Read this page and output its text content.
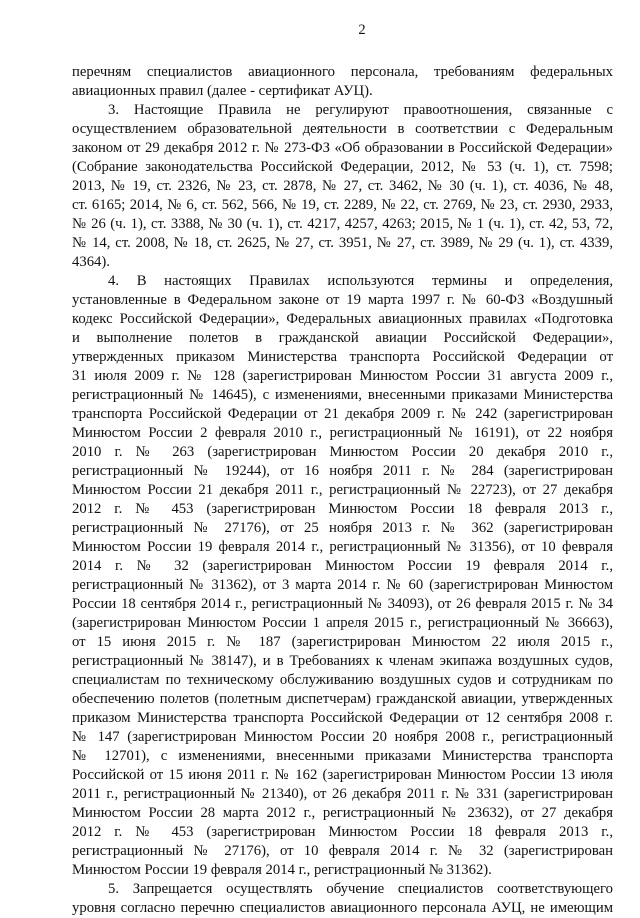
2
перечням специалистов авиационного персонала, требованиям федеральных
авиационных правил (далее - сертификат АУЦ).
3. Настоящие Правила не регулируют правоотношения, связанные с
осуществлением образовательной деятельности в соответствии с Федеральным
законом от 29 декабря 2012 г. № 273-ФЗ «Об образовании в Российской Федерации»
(Собрание законодательства Российской Федерации, 2012, № 53 (ч. 1), ст. 7598;
2013, № 19, ст. 2326, № 23, ст. 2878, № 27, ст. 3462, № 30 (ч. 1), ст. 4036, № 48,
ст. 6165; 2014, № 6, ст. 562, 566, № 19, ст. 2289, № 22, ст. 2769, № 23, ст. 2930, 2933,
№ 26 (ч. 1), ст. 3388, № 30 (ч. 1), ст. 4217, 4257, 4263; 2015, № 1 (ч. 1), ст. 42, 53, 72,
№ 14, ст. 2008, № 18, ст. 2625, № 27, ст. 3951, № 27, ст. 3989, № 29 (ч. 1), ст. 4339,
4364).
4. В настоящих Правилах используются термины и определения,
установленные в Федеральном законе от 19 марта 1997 г. № 60-ФЗ «Воздушный
кодекс Российской Федерации», Федеральных авиационных правилах «Подготовка
и выполнение полетов в гражданской авиации Российской Федерации»,
утвержденных приказом Министерства транспорта Российской Федерации от
31 июля 2009 г. № 128 (зарегистрирован Минюстом России 31 августа 2009 г.,
регистрационный № 14645), с изменениями, внесенными приказами Министерства
транспорта Российской Федерации от 21 декабря 2009 г. № 242 (зарегистрирован
Минюстом России 2 февраля 2010 г., регистрационный № 16191), от 22 ноября
2010 г. № 263 (зарегистрирован Минюстом России 20 декабря 2010 г.,
регистрационный № 19244), от 16 ноября 2011 г. № 284 (зарегистрирован
Минюстом России 21 декабря 2011 г., регистрационный № 22723), от 27 декабря
2012 г. № 453 (зарегистрирован Минюстом России 18 февраля 2013 г.,
регистрационный № 27176), от 25 ноября 2013 г. № 362 (зарегистрирован
Минюстом России 19 февраля 2014 г., регистрационный № 31356), от 10 февраля
2014 г. № 32 (зарегистрирован Минюстом России 19 февраля 2014 г.,
регистрационный № 31362), от 3 марта 2014 г. № 60 (зарегистрирован Минюстом
России 18 сентября 2014 г., регистрационный № 34093), от 26 февраля 2015 г. № 34
(зарегистрирован Минюстом России 1 апреля 2015 г., регистрационный № 36663),
от 15 июня 2015 г. № 187 (зарегистрирован Минюстом 22 июля 2015 г.,
регистрационный № 38147), и в Требованиях к членам экипажа воздушных судов,
специалистам по техническому обслуживанию воздушных судов и сотрудникам по
обеспечению полетов (полетным диспетчерам) гражданской авиации, утвержденных
приказом Министерства транспорта Российской Федерации от 12 сентября 2008 г.
№ 147 (зарегистрирован Минюстом России 20 ноября 2008 г., регистрационный
№ 12701), с изменениями, внесенными приказами Министерства транспорта
Российской от 15 июня 2011 г. № 162 (зарегистрирован Минюстом России 13 июля
2011 г., регистрационный № 21340), от 26 декабря 2011 г. № 331 (зарегистрирован
Минюстом России 28 марта 2012 г., регистрационный № 23632), от 27 декабря
2012 г. № 453 (зарегистрирован Минюстом России 18 февраля 2013 г.,
регистрационный № 27176), от 10 февраля 2014 г. № 32 (зарегистрирован
Минюстом России 19 февраля 2014 г., регистрационный № 31362).
5. Запрещается осуществлять обучение специалистов соответствующего
уровня согласно перечню специалистов авиационного персонала АУЦ, не имеющим
